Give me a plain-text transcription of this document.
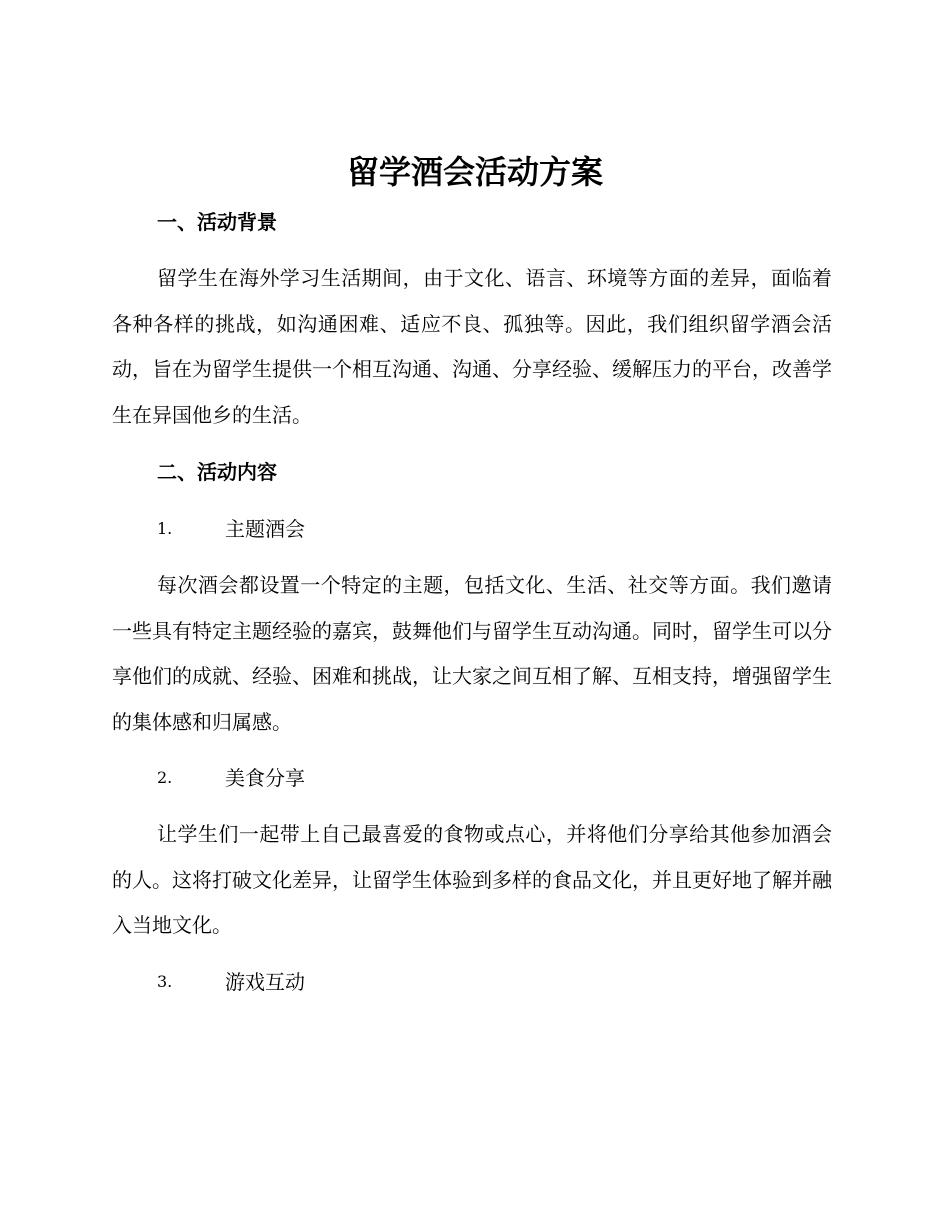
留学酒会活动方案
一、活动背景

留学生在海外学习生活期间，由于文化、语言、环境等方面的差异，面临着各种各样的挑战，如沟通困难、适应不良、孤独等。因此，我们组织留学酒会活动，旨在为留学生提供一个相互沟通、沟通、分享经验、缓解压力的平台，改善学生在异国他乡的生活。

二、活动内容
1.	主题酒会

每次酒会都设置一个特定的主题，包括文化、生活、社交等方面。我们邀请一些具有特定主题经验的嘉宾，鼓舞他们与留学生互动沟通。同时，留学生可以分享他们的成就、经验、困难和挑战，让大家之间互相了解、互相支持，增强留学生的集体感和归属感。

2.	美食分享

让学生们一起带上自己最喜爱的食物或点心，并将他们分享给其他参加酒会的人。这将打破文化差异，让留学生体验到多样的食品文化，并且更好地了解并融入当地文化。

3.	游戏互动
